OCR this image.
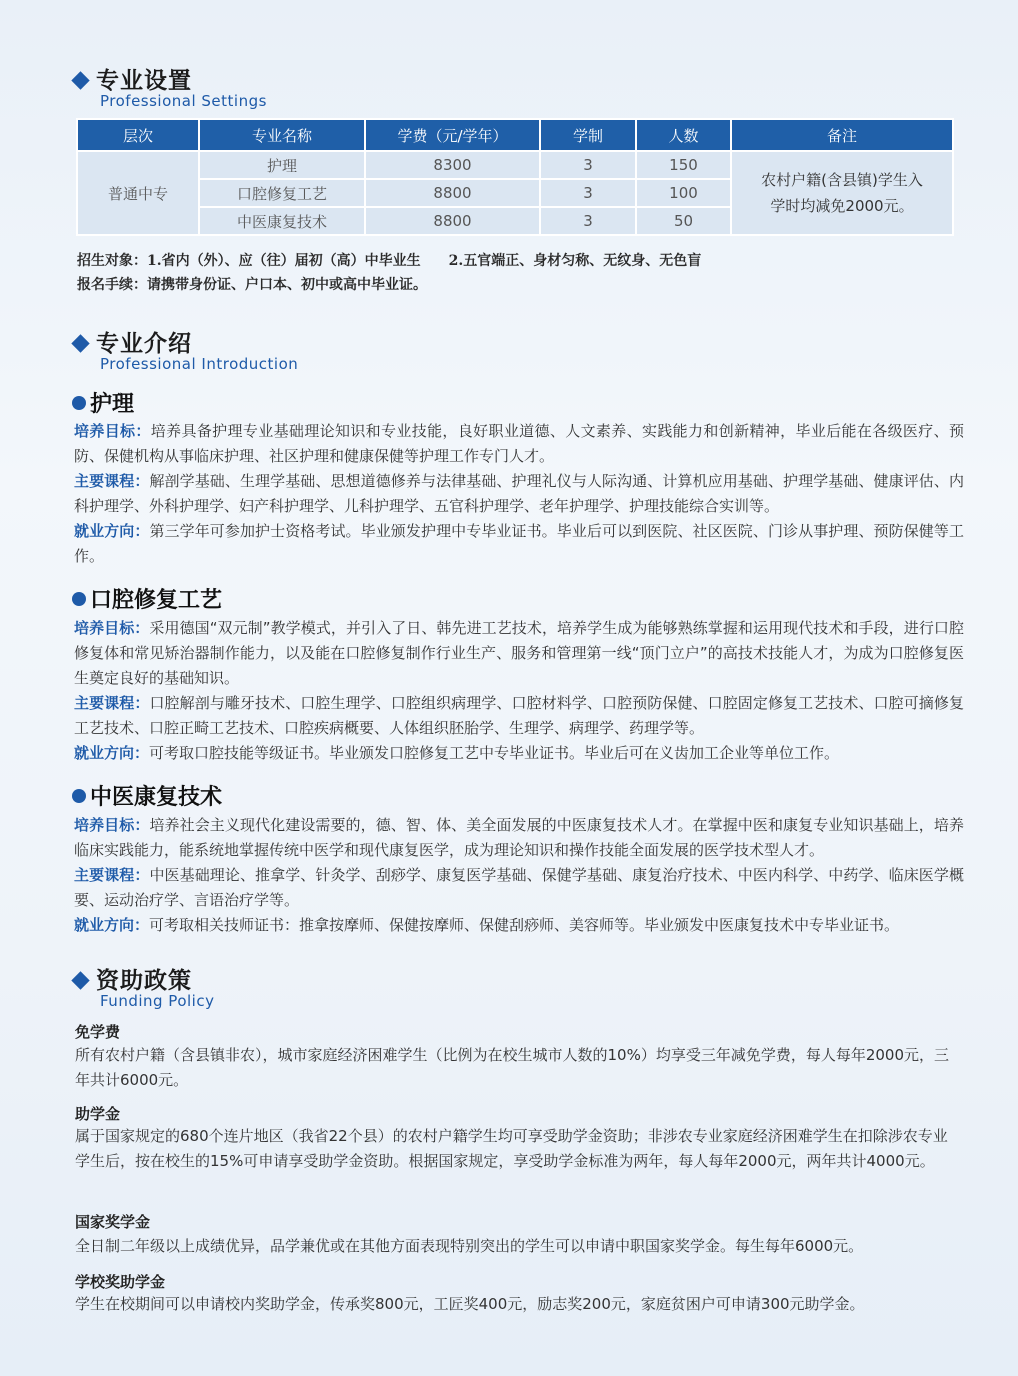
专业设置
Professional Settings
层次	专业名称	学费（元/学年）	学制	人数	备注
普通中专	护理	8300	3	150	农村户籍(含县镇)学生入
学时均减免2000元。

	口腔修复工艺	8800	3	100	
	中医康复技术	8800	3	50	
招生对象：1.省内（外）、应（往）届初（高）中毕业生　　2.五官端正、身材匀称、无纹身、无色盲
报名手续：请携带身份证、户口本、初中或高中毕业证。
专业介绍
Professional Introduction
护理
培养目标：培养具备护理专业基础理论知识和专业技能，良好职业道德、人文素养、实践能力和创新精神，毕业后能在各级医疗、预防、保健机构从事临床护理、社区护理和健康保健等护理工作专门人才。
主要课程：解剖学基础、生理学基础、思想道德修养与法律基础、护理礼仪与人际沟通、计算机应用基础、护理学基础、健康评估、内科护理学、外科护理学、妇产科护理学、儿科护理学、五官科护理学、老年护理学、护理技能综合实训等。
就业方向：第三学年可参加护士资格考试。毕业颁发护理中专毕业证书。毕业后可以到医院、社区医院、门诊从事护理、预防保健等工作。
口腔修复工艺
培养目标：采用德国“双元制”教学模式，并引入了日、韩先进工艺技术，培养学生成为能够熟练掌握和运用现代技术和手段，进行口腔修复体和常见矫治器制作能力，以及能在口腔修复制作行业生产、服务和管理第一线“顶门立户”的高技术技能人才，为成为口腔修复医生奠定良好的基础知识。
主要课程：口腔解剖与雕牙技术、口腔生理学、口腔组织病理学、口腔材料学、口腔预防保健、口腔固定修复工艺技术、口腔可摘修复工艺技术、口腔正畸工艺技术、口腔疾病概要、人体组织胚胎学、生理学、病理学、药理学等。
就业方向：可考取口腔技能等级证书。毕业颁发口腔修复工艺中专毕业证书。毕业后可在义齿加工企业等单位工作。
中医康复技术
培养目标：培养社会主义现代化建设需要的，德、智、体、美全面发展的中医康复技术人才。在掌握中医和康复专业知识基础上，培养临床实践能力，能系统地掌握传统中医学和现代康复医学，成为理论知识和操作技能全面发展的医学技术型人才。
主要课程：中医基础理论、推拿学、针灸学、刮痧学、康复医学基础、保健学基础、康复治疗技术、中医内科学、中药学、临床医学概要、运动治疗学、言语治疗学等。
就业方向：可考取相关技师证书：推拿按摩师、保健按摩师、保健刮痧师、美容师等。毕业颁发中医康复技术中专毕业证书。
资助政策
Funding Policy
免学费
所有农村户籍（含县镇非农），城市家庭经济困难学生（比例为在校生城市人数的10%）均享受三年减免学费，每人每年2000元，三年共计6000元。
助学金
属于国家规定的680个连片地区（我省22个县）的农村户籍学生均可享受助学金资助；非涉农专业家庭经济困难学生在扣除涉农专业学生后，按在校生的15%可申请享受助学金资助。根据国家规定，享受助学金标准为两年，每人每年2000元，两年共计4000元。
国家奖学金
全日制二年级以上成绩优异，品学兼优或在其他方面表现特别突出的学生可以申请中职国家奖学金。每生每年6000元。
学校奖助学金
学生在校期间可以申请校内奖助学金，传承奖800元，工匠奖400元，励志奖200元，家庭贫困户可申请300元助学金。
